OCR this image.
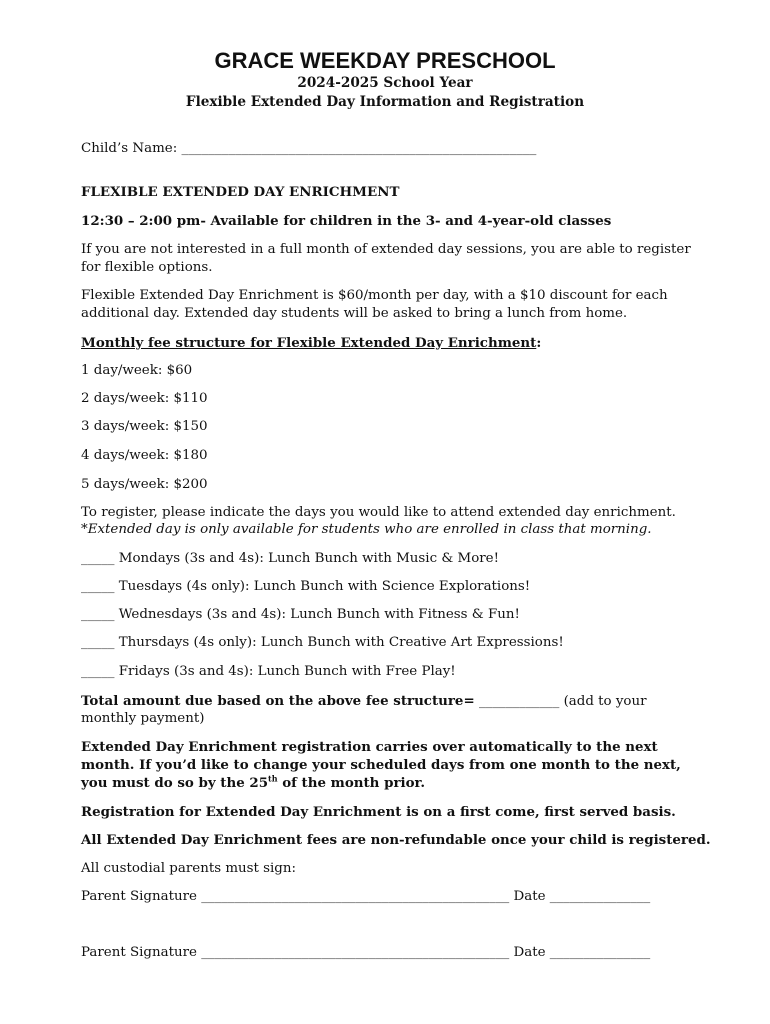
GRACE WEEKDAY PRESCHOOL
2024-2025 School Year
Flexible Extended Day Information and Registration
Child’s Name: _____________________________________________________
FLEXIBLE EXTENDED DAY ENRICHMENT
12:30 – 2:00 pm- Available for children in the 3- and 4-year-old classes
If you are not interested in a full month of extended day sessions, you are able to register
for flexible options.
Flexible Extended Day Enrichment is $60/month per day, with a $10 discount for each
additional day. Extended day students will be asked to bring a lunch from home.
Monthly fee structure for Flexible Extended Day Enrichment:
1 day/week: $60
2 days/week: $110
3 days/week: $150
4 days/week: $180
5 days/week: $200
To register, please indicate the days you would like to attend extended day enrichment.
*Extended day is only available for students who are enrolled in class that morning.
_____ Mondays (3s and 4s): Lunch Bunch with Music & More!
_____ Tuesdays (4s only): Lunch Bunch with Science Explorations!
_____ Wednesdays (3s and 4s): Lunch Bunch with Fitness & Fun!
_____ Thursdays (4s only): Lunch Bunch with Creative Art Expressions!
_____ Fridays (3s and 4s): Lunch Bunch with Free Play!
Total amount due based on the above fee structure= ____________ (add to your
monthly payment)
Extended Day Enrichment registration carries over automatically to the next
month. If you’d like to change your scheduled days from one month to the next,
you must do so by the 25th of the month prior.
Registration for Extended Day Enrichment is on a first come, first served basis.
All Extended Day Enrichment fees are non-refundable once your child is registered.
All custodial parents must sign:
Parent Signature ______________________________________________ Date _______________
Parent Signature ______________________________________________ Date _______________
